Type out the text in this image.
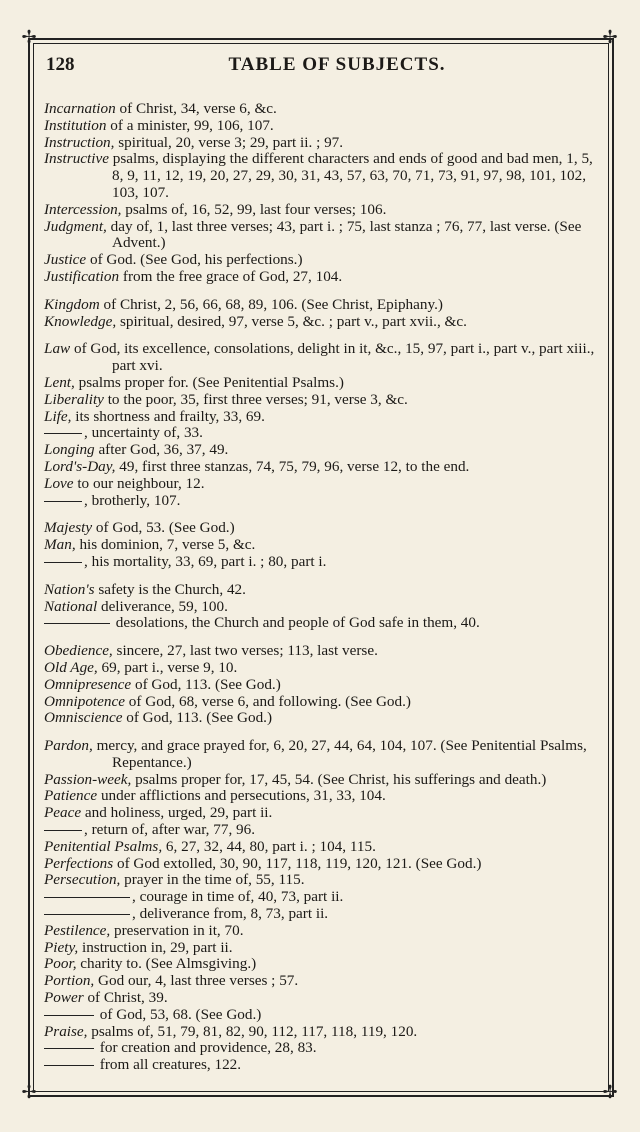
✢	✢
✢	✢
128	TABLE OF SUBJECTS.
Incarnation of Christ, 34, verse 6, &c.
Institution of a minister, 99, 106, 107.
Instruction, spiritual, 20, verse 3; 29, part ii. ; 97.
Instructive psalms, displaying the different characters and ends of good and bad men, 1, 5, 8, 9, 11, 12, 19, 20, 27, 29, 30, 31, 43, 57, 63, 70, 71, 73, 91, 97, 98, 101, 102, 103, 107.
Intercession, psalms of, 16, 52, 99, last four verses; 106.
Judgment, day of, 1, last three verses; 43, part i. ; 75, last stanza ; 76, 77, last verse. (See Advent.)
Justice of God. (See God, his perfections.)
Justification from the free grace of God, 27, 104.
Kingdom of Christ, 2, 56, 66, 68, 89, 106. (See Christ, Epiphany.)
Knowledge, spiritual, desired, 97, verse 5, &c. ; part v., part xvii., &c.
Law of God, its excellence, consolations, delight in it, &c., 15, 97, part i., part v., part xiii., part xvi.
Lent, psalms proper for. (See Penitential Psalms.)
Liberality to the poor, 35, first three verses; 91, verse 3, &c.
Life, its shortness and frailty, 33, 69.
, uncertainty of, 33.
Longing after God, 36, 37, 49.
Lord's-Day, 49, first three stanzas, 74, 75, 79, 96, verse 12, to the end.
Love to our neighbour, 12.
, brotherly, 107.
Majesty of God, 53. (See God.)
Man, his dominion, 7, verse 5, &c.
, his mortality, 33, 69, part i. ; 80, part i.
Nation's safety is the Church, 42.
National deliverance, 59, 100.
desolations, the Church and people of God safe in them, 40.
Obedience, sincere, 27, last two verses; 113, last verse.
Old Age, 69, part i., verse 9, 10.
Omnipresence of God, 113. (See God.)
Omnipotence of God, 68, verse 6, and following. (See God.)
Omniscience of God, 113. (See God.)
Pardon, mercy, and grace prayed for, 6, 20, 27, 44, 64, 104, 107. (See Penitential Psalms, Repentance.)
Passion-week, psalms proper for, 17, 45, 54. (See Christ, his sufferings and death.)
Patience under afflictions and persecutions, 31, 33, 104.
Peace and holiness, urged, 29, part ii.
, return of, after war, 77, 96.
Penitential Psalms, 6, 27, 32, 44, 80, part i. ; 104, 115.
Perfections of God extolled, 30, 90, 117, 118, 119, 120, 121. (See God.)
Persecution, prayer in the time of, 55, 115.
, courage in time of, 40, 73, part ii.
, deliverance from, 8, 73, part ii.
Pestilence, preservation in it, 70.
Piety, instruction in, 29, part ii.
Poor, charity to. (See Almsgiving.)
Portion, God our, 4, last three verses ; 57.
Power of Christ, 39.
of God, 53, 68. (See God.)
Praise, psalms of, 51, 79, 81, 82, 90, 112, 117, 118, 119, 120.
for creation and providence, 28, 83.
from all creatures, 122.
